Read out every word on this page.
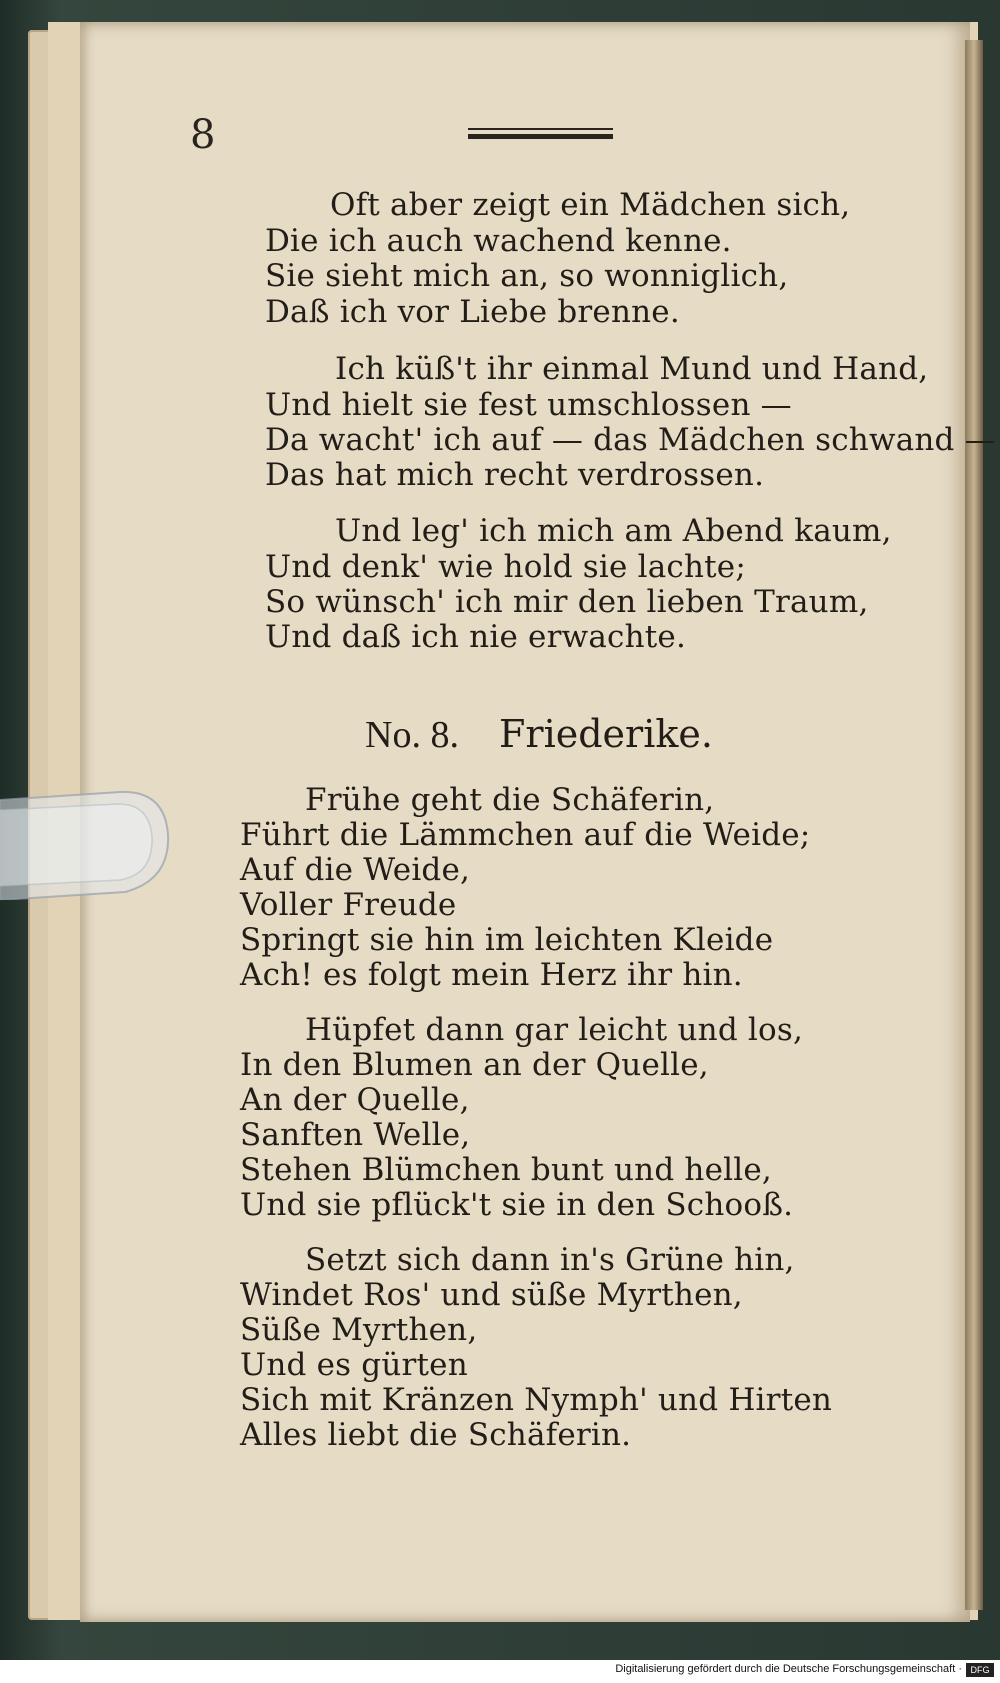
8
Oft aber zeigt ein Mädchen sich,
Die ich auch wachend kenne.
Sie sieht mich an, so wonniglich,
Daß ich vor Liebe brenne.
Ich küß't ihr einmal Mund und Hand,
Und hielt sie fest umschlossen —
Da wacht' ich auf — das Mädchen schwand —
Das hat mich recht verdrossen.
Und leg' ich mich am Abend kaum,
Und denk' wie hold sie lachte;
So wünsch' ich mir den lieben Traum,
Und daß ich nie erwachte.
Frühe geht die Schäferin,
Führt die Lämmchen auf die Weide;
Auf die Weide,
Voller Freude
Springt sie hin im leichten Kleide
Ach! es folgt mein Herz ihr hin.
Hüpfet dann gar leicht und los,
In den Blumen an der Quelle,
An der Quelle,
Sanften Welle,
Stehen Blümchen bunt und helle,
Und sie pflück't sie in den Schooß.
Setzt sich dann in's Grüne hin,
Windet Ros' und süße Myrthen,
Süße Myrthen,
Und es gürten
Sich mit Kränzen Nymph' und Hirten
Alles liebt die Schäferin.
No. 8. Friederike.
Digitalisierung gefördert durch die Deutsche Forschungsgemeinschaft · DFG
